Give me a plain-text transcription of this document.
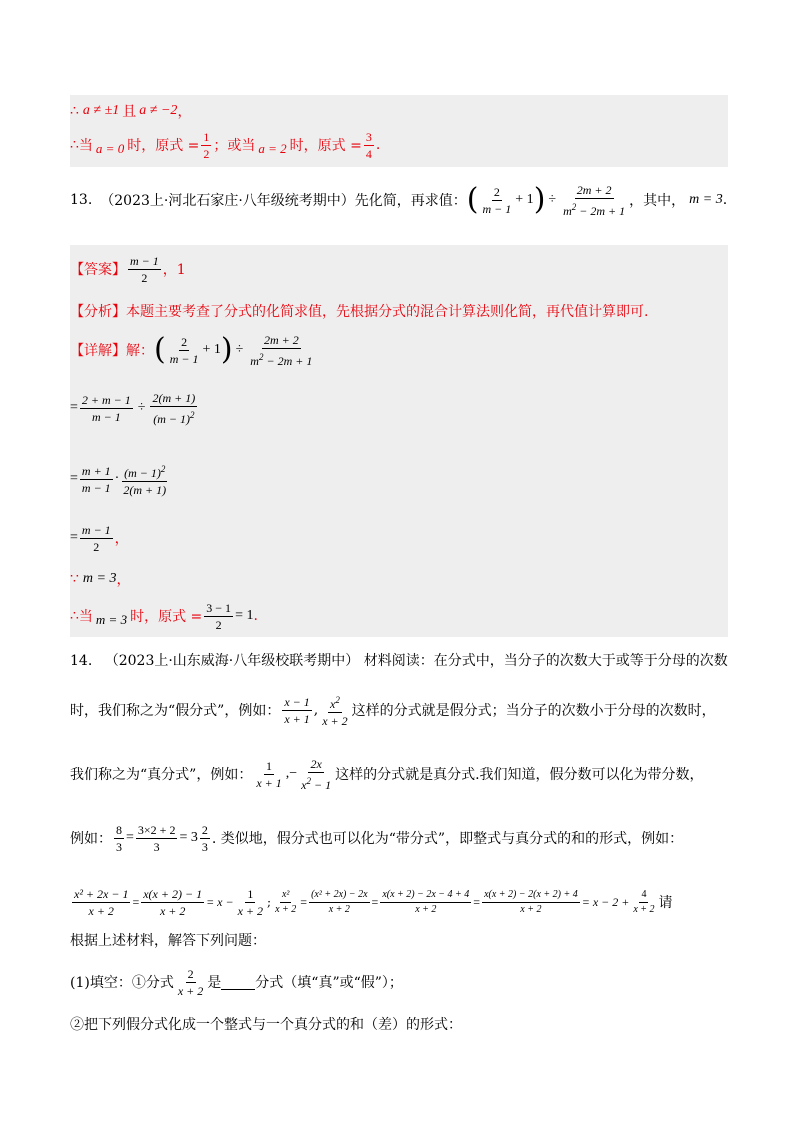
∴ a ≠ ±1 且 a ≠ −2 ，
∴ 当 a = 0 时，原式 = $\frac{1}{2}$ ；或当 a = 2 时，原式 = $\frac{3}{4}$ .
13. （2023上·河北石家庄·八年级统考期中） 先化简，再求值： ( $\frac{2}{m - 1} + 1$ ) ÷ $\frac{2m + 2}{m^2 - 2m + 1}$ ，其中， m = 3 .
【答案】 $\frac{m - 1}{2}$ ，1
【分析】本题主要考查了分式的化简求值，先根据分式的混合计算法则化简，再代值计算即可.
【详解】解： ( $\frac{2}{m - 1} + 1$ ) ÷ $\frac{2m + 2}{m^2 - 2m + 1}$
= $\frac{2 + m - 1}{m - 1} \div \frac{2(m + 1)}{(m - 1)^2}$
= $\frac{m + 1}{m - 1} \cdot \frac{(m - 1)^2}{2(m + 1)}$
= $\frac{m - 1}{2}$ ，
∵ m = 3 ，
∴ 当 m = 3 时，原式 = $\frac{3 - 1}{2} = 1$ .
14. （2023上·山东威海·八年级校联考期中） 材料阅读：在分式中，当分子的次数大于或等于分母的次数
时，我们称之为“假分式”，例如： $\frac{x - 1}{x + 1}$ , $\frac{x^2}{x + 2}$ 这样的分式就是假分式；当分子的次数小于分母的次数时，
我们称之为“真分式”，例如： $\frac{1}{x + 1}$ ,− $\frac{2x}{x^2 - 1}$ 这样的分式就是真分式.我们知道，假分数可以化为带分数，
例如： $\frac{8}{3} = \frac{3\times 2 + 2}{3} = 3 \frac{2}{3}$ . 类似地，假分式也可以化为“带分式”，即整式与真分式的和的形式，例如：
$\frac{\text{x² + 2x − 1}}{x + 2} = \frac{x(x + 2) - 1}{x + 2} = x - \frac{1}{x + 2}$ ; $\frac{\text{x²}}{x + 2} = \frac{\text{(x² + 2x) − 2x}}{x + 2} = \frac{x(x + 2) - 2x - 4 + 4}{x + 2} = \frac{x(x + 2) - 2(x + 2) + 4}{x + 2} = x - 2 + \frac{4}{x + 2}$ 请
根据上述材料，解答下列问题：
(1)填空：①分式 $\frac{2}{x + 2}$ 是 分式（填“真”或“假”）；
②把下列假分式化成一个整式与一个真分式的和（差）的形式：
